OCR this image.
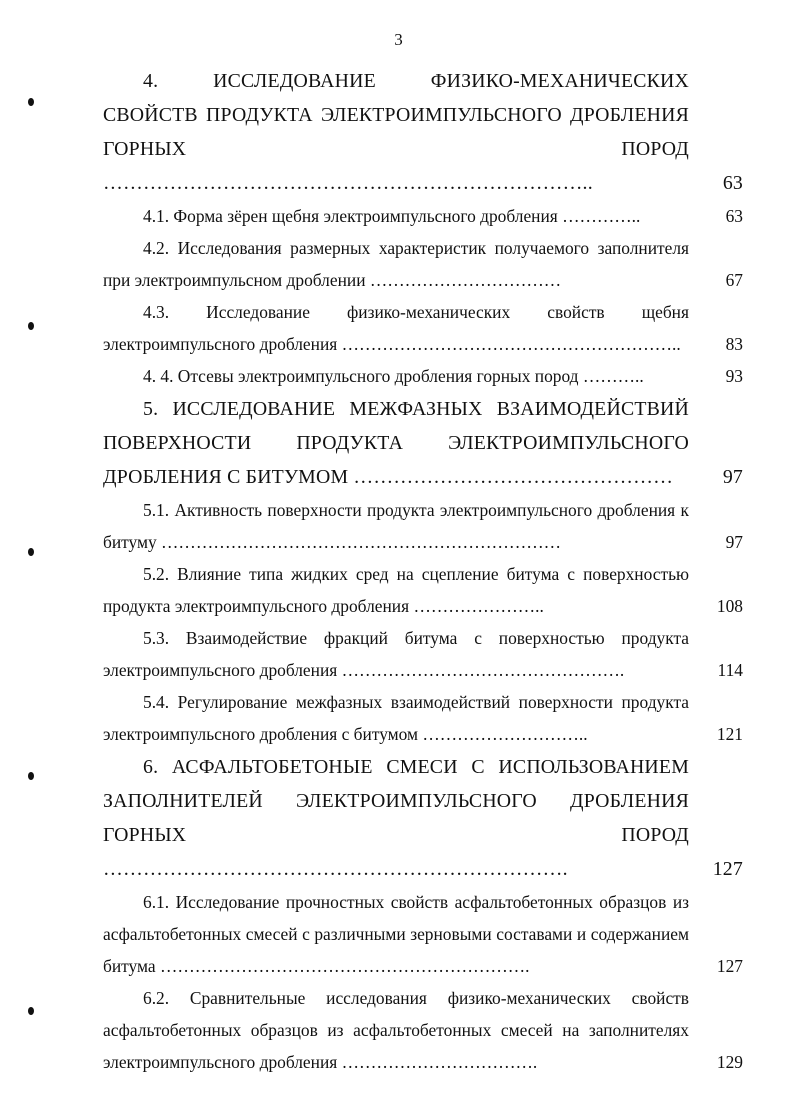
3
4. ИССЛЕДОВАНИЕ ФИЗИКО-МЕХАНИЧЕСКИХ СВОЙСТВ ПРОДУКТА ЭЛЕКТРОИМПУЛЬСНОГО ДРОБЛЕНИЯ ГОРНЫХ ПОРОД ………………………………………………………………..	63
4.1. Форма зёрен щебня электроимпульсного дробления …………..	63
4.2. Исследования размерных характеристик получаемого заполнителя при электроимпульсном дроблении ……………………………	67
4.3. Исследование физико-механических свойств щебня электроимпульсного дробления …………………………………………………..	83
4. 4. Отсевы электроимпульсного дробления горных пород ………..	93
5. ИССЛЕДОВАНИЕ МЕЖФАЗНЫХ ВЗАИМОДЕЙСТВИЙ ПОВЕРХНОСТИ ПРОДУКТА ЭЛЕКТРОИМПУЛЬСНОГО ДРОБЛЕНИЯ С БИТУМОМ …………………………………………	97
5.1. Активность поверхности продукта электроимпульсного дробления к битуму ……………………………………………………………	97
5.2. Влияние типа жидких сред на сцепление битума с поверхностью продукта электроимпульсного дробления …………………..	108
5.3. Взаимодействие фракций битума с поверхностью продукта электроимпульсного дробления ………………………………………….	114
5.4. Регулирование межфазных взаимодействий поверхности продукта электроимпульсного дробления с битумом ………………………..	121
6. АСФАЛЬТОБЕТОНЫЕ СМЕСИ С ИСПОЛЬЗОВАНИЕМ ЗАПОЛНИТЕЛЕЙ ЭЛЕКТРОИМПУЛЬСНОГО ДРОБЛЕНИЯ ГОРНЫХ ПОРОД …………………………………………………………….	127
6.1. Исследование прочностных свойств асфальтобетонных образцов из асфальтобетонных смесей с различными зерновыми составами и содержанием битума ……………………………………………………….	127
6.2. Сравнительные исследования физико-механических свойств асфальтобетонных образцов из асфальтобетонных смесей на заполнителях электроимпульсного дробления …………………………….	129
